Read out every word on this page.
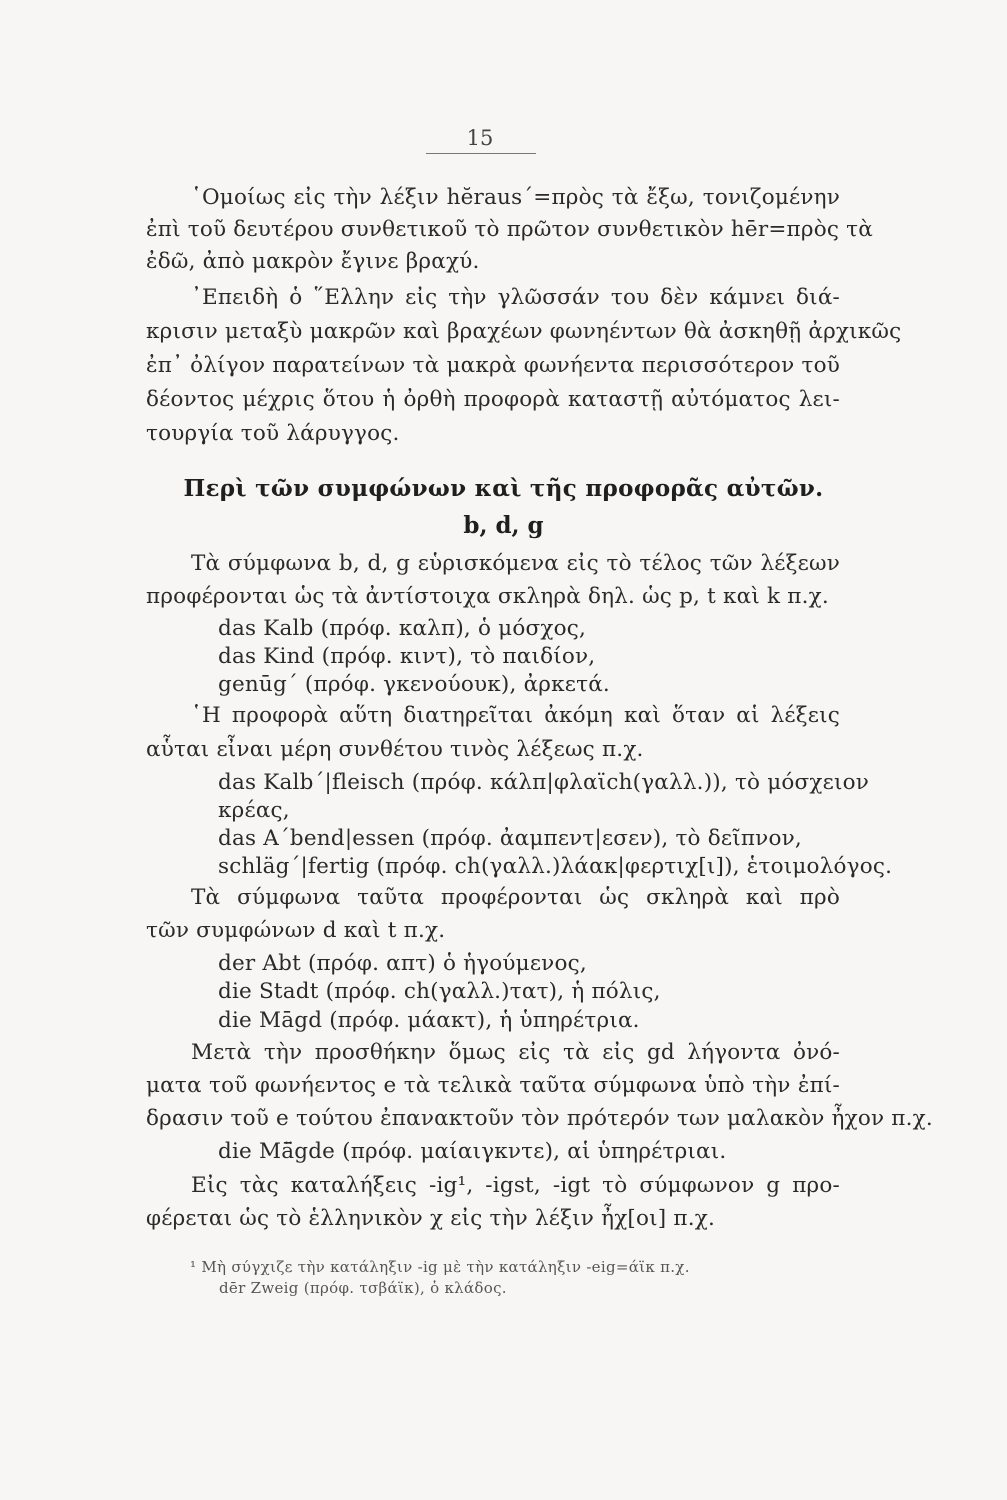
15
῾Ομοίως εἰς τὴν λέξιν hĕraus΄=πρὸς τὰ ἔξω, τονιζομένην
ἐπὶ τοῦ δευτέρου συνθετικοῦ τὸ πρῶτον συνθετικὸν hēr=πρὸς τὰ
ἐδῶ, ἀπὸ μακρὸν ἔγινε βραχύ.
᾿Επειδὴ ὁ ῞Ελλην εἰς τὴν γλῶσσάν του δὲν κάμνει διά-
κρισιν μεταξὺ μακρῶν καὶ βραχέων φωνηέντων θὰ ἀσκηθῇ ἀρχικῶς
ἐπ᾿ ὀλίγον παρατείνων τὰ μακρὰ φωνήεντα περισσότερον τοῦ
δέοντος μέχρις ὅτου ἡ ὀρθὴ προφορὰ καταστῇ αὐτόματος λει-
τουργία τοῦ λάρυγγος.
Περὶ τῶν συμφώνων καὶ τῆς προφορᾶς αὐτῶν.
b, d, g
Τὰ σύμφωνα b, d, g εὑρισκόμενα εἰς τὸ τέλος τῶν λέξεων
προφέρονται ὡς τὰ ἀντίστοιχα σκληρὰ δηλ. ὡς p, t καὶ k π.χ.
das Kalb (πρόφ. καλπ), ὁ μόσχος,
das Kind (πρόφ. κιντ), τὸ παιδίον,
genūg΄ (πρόφ. γκενούουκ), ἀρκετά.
῾Η προφορὰ αὕτη διατηρεῖται ἀκόμη καὶ ὅταν αἱ λέξεις
αὗται εἶναι μέρη συνθέτου τινὸς λέξεως π.χ.
das Kalb΄|fleisch (πρόφ. κάλπ|φλαϊch(γαλλ.)), τὸ μόσχειον
κρέας,
das A΄bend|essen (πρόφ. ἀαμπεντ|εσεν), τὸ δεῖπνον,
schläg΄|fertig (πρόφ. ch(γαλλ.)λάακ|φερτιχ[ι]), ἑτοιμολόγος.
Τὰ σύμφωνα ταῦτα προφέρονται ὡς σκληρὰ καὶ πρὸ
τῶν συμφώνων d καὶ t π.χ.
der Abt (πρόφ. απτ) ὁ ἡγούμενος,
die Stadt (πρόφ. ch(γαλλ.)τατ), ἡ πόλις,
die Māgd (πρόφ. μάακτ), ἡ ὑπηρέτρια.
Μετὰ τὴν προσθήκην ὅμως εἰς τὰ εἰς gd λήγοντα ὀνό-
ματα τοῦ φωνήεντος e τὰ τελικὰ ταῦτα σύμφωνα ὑπὸ τὴν ἐπί-
δρασιν τοῦ e τούτου ἐπανακτοῦν τὸν πρότερόν των μαλακὸν ἦχον π.χ.
die Mā̈gde (πρόφ. μαίαιγκντε), αἱ ὑπηρέτριαι.
Εἰς τὰς καταλήξεις -ig¹, -igst, -igt τὸ σύμφωνον g προ-
φέρεται ὡς τὸ ἑλληνικὸν χ εἰς τὴν λέξιν ἦχ[οι] π.χ.
¹ Μὴ σύγχιζε τὴν κατάληξιν -ig μὲ τὴν κατάληξιν -eig=άϊκ π.χ.
dēr Zweig (πρόφ. τσβάϊκ), ὁ κλάδος.
